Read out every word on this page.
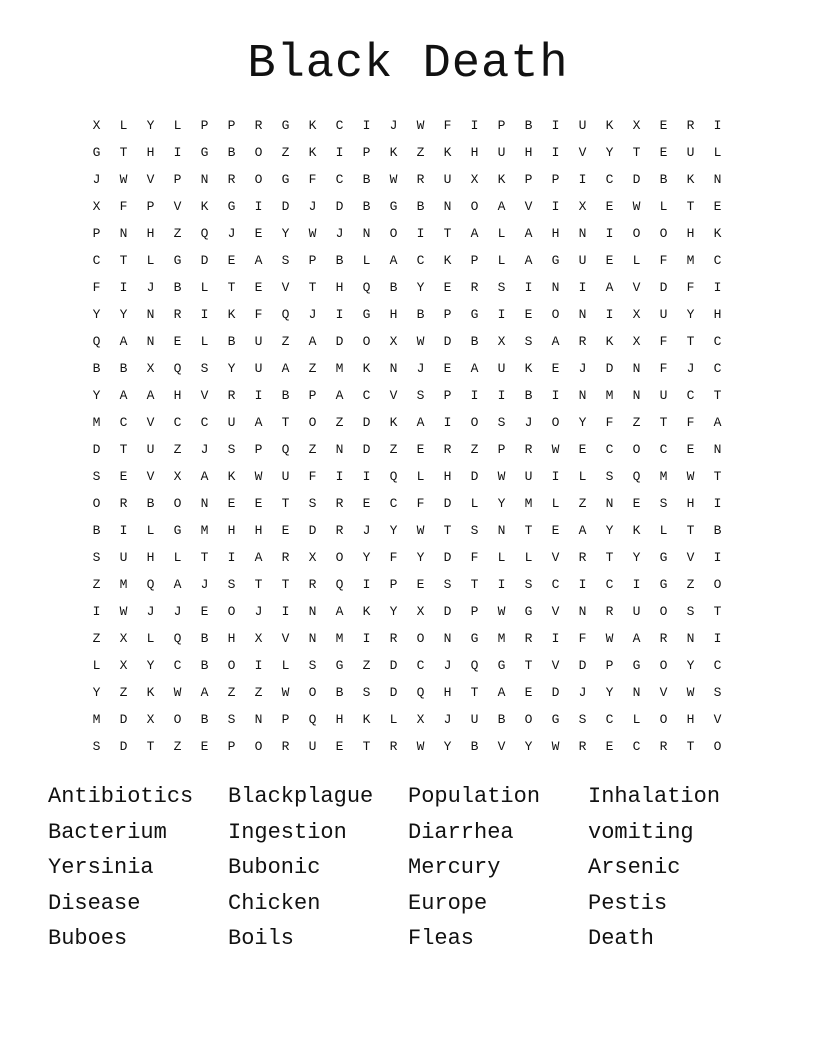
Black Death
X	L	Y	L	P	P	R	G	K	C	I	J	W	F	I	P	B	I	U	K	X	E	R	I
G	T	H	I	G	B	O	Z	K	I	P	K	Z	K	H	U	H	I	V	Y	T	E	U	L
J	W	V	P	N	R	O	G	F	C	B	W	R	U	X	K	P	P	I	C	D	B	K	N
X	F	P	V	K	G	I	D	J	D	B	G	B	N	O	A	V	I	X	E	W	L	T	E
P	N	H	Z	Q	J	E	Y	W	J	N	O	I	T	A	L	A	H	N	I	O	O	H	K
C	T	L	G	D	E	A	S	P	B	L	A	C	K	P	L	A	G	U	E	L	F	M	C
F	I	J	B	L	T	E	V	T	H	Q	B	Y	E	R	S	I	N	I	A	V	D	F	I
Y	Y	N	R	I	K	F	Q	J	I	G	H	B	P	G	I	E	O	N	I	X	U	Y	H
Q	A	N	E	L	B	U	Z	A	D	O	X	W	D	B	X	S	A	R	K	X	F	T	C
B	B	X	Q	S	Y	U	A	Z	M	K	N	J	E	A	U	K	E	J	D	N	F	J	C
Y	A	A	H	V	R	I	B	P	A	C	V	S	P	I	I	B	I	N	M	N	U	C	T
M	C	V	C	C	U	A	T	O	Z	D	K	A	I	O	S	J	O	Y	F	Z	T	F	A
D	T	U	Z	J	S	P	Q	Z	N	D	Z	E	R	Z	P	R	W	E	C	O	C	E	N
S	E	V	X	A	K	W	U	F	I	I	Q	L	H	D	W	U	I	L	S	Q	M	W	T
O	R	B	O	N	E	E	T	S	R	E	C	F	D	L	Y	M	L	Z	N	E	S	H	I
B	I	L	G	M	H	H	E	D	R	J	Y	W	T	S	N	T	E	A	Y	K	L	T	B
S	U	H	L	T	I	A	R	X	O	Y	F	Y	D	F	L	L	V	R	T	Y	G	V	I
Z	M	Q	A	J	S	T	T	R	Q	I	P	E	S	T	I	S	C	I	C	I	G	Z	O
I	W	J	J	E	O	J	I	N	A	K	Y	X	D	P	W	G	V	N	R	U	O	S	T
Z	X	L	Q	B	H	X	V	N	M	I	R	O	N	G	M	R	I	F	W	A	R	N	I
L	X	Y	C	B	O	I	L	S	G	Z	D	C	J	Q	G	T	V	D	P	G	O	Y	C
Y	Z	K	W	A	Z	Z	W	O	B	S	D	Q	H	T	A	E	D	J	Y	N	V	W	S
M	D	X	O	B	S	N	P	Q	H	K	L	X	J	U	B	O	G	S	C	L	O	H	V
S	D	T	Z	E	P	O	R	U	E	T	R	W	Y	B	V	Y	W	R	E	C	R	T	O
Antibiotics	Blackplague	Population	Inhalation
Bacterium	Ingestion	Diarrhea	vomiting
Yersinia	Bubonic	Mercury	Arsenic
Disease	Chicken	Europe	Pestis
Buboes	Boils	Fleas	Death
